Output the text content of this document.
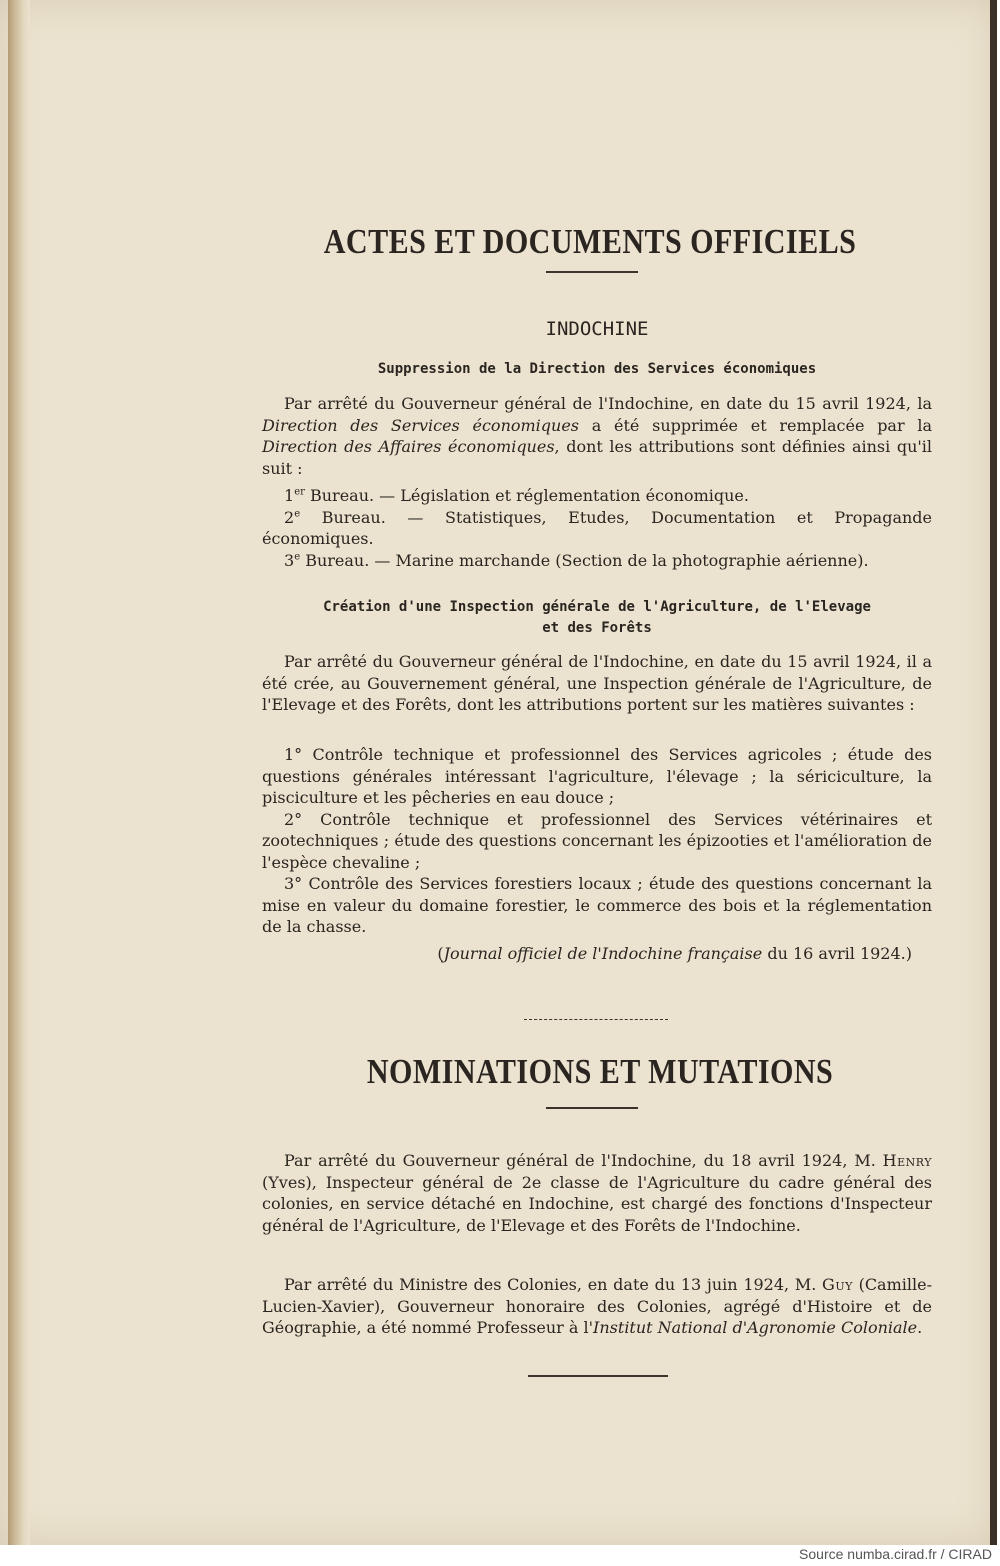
ACTES ET DOCUMENTS OFFICIELS
INDOCHINE
Suppression de la Direction des Services économiques

Par arrêté du Gouverneur général de l'Indochine, en date du 15 avril 1924, la Direction des Services économiques a été supprimée et remplacée par la Direction des Affaires économiques, dont les attributions sont définies ainsi qu'il suit :

1er Bureau. — Législation et réglementation économique.

2e Bureau. — Statistiques, Etudes, Documentation et Propagande économiques.

3e Bureau. — Marine marchande (Section de la photographie aérienne).

Création d'une Inspection générale de l'Agriculture, de l'Elevage
et des Forêts

Par arrêté du Gouverneur général de l'Indochine, en date du 15 avril 1924, il a été crée, au Gouvernement général, une Inspection générale de l'Agriculture, de l'Elevage et des Forêts, dont les attributions portent sur les matières suivantes :

1° Contrôle technique et professionnel des Services agricoles ; étude des questions générales intéressant l'agriculture, l'élevage ; la sériciculture, la pisciculture et les pêcheries en eau douce ;

2° Contrôle technique et professionnel des Services vétérinaires et zootechniques ; étude des questions concernant les épizooties et l'amélioration de l'espèce chevaline ;

3° Contrôle des Services forestiers locaux ; étude des questions concernant la mise en valeur du domaine forestier, le commerce des bois et la réglementation de la chasse.

(Journal officiel de l'Indochine française du 16 avril 1924.)
NOMINATIONS ET MUTATIONS

Par arrêté du Gouverneur général de l'Indochine, du 18 avril 1924, M. Henry (Yves), Inspecteur général de 2e classe de l'Agriculture du cadre général des colonies, en service détaché en Indochine, est chargé des fonctions d'Inspecteur général de l'Agriculture, de l'Elevage et des Forêts de l'Indochine.

Par arrêté du Ministre des Colonies, en date du 13 juin 1924, M. Guy (Camille-Lucien-Xavier), Gouverneur honoraire des Colonies, agrégé d'Histoire et de Géographie, a été nommé Professeur à l'Institut National d'Agronomie Coloniale.

Source numba.cirad.fr / CIRAD
